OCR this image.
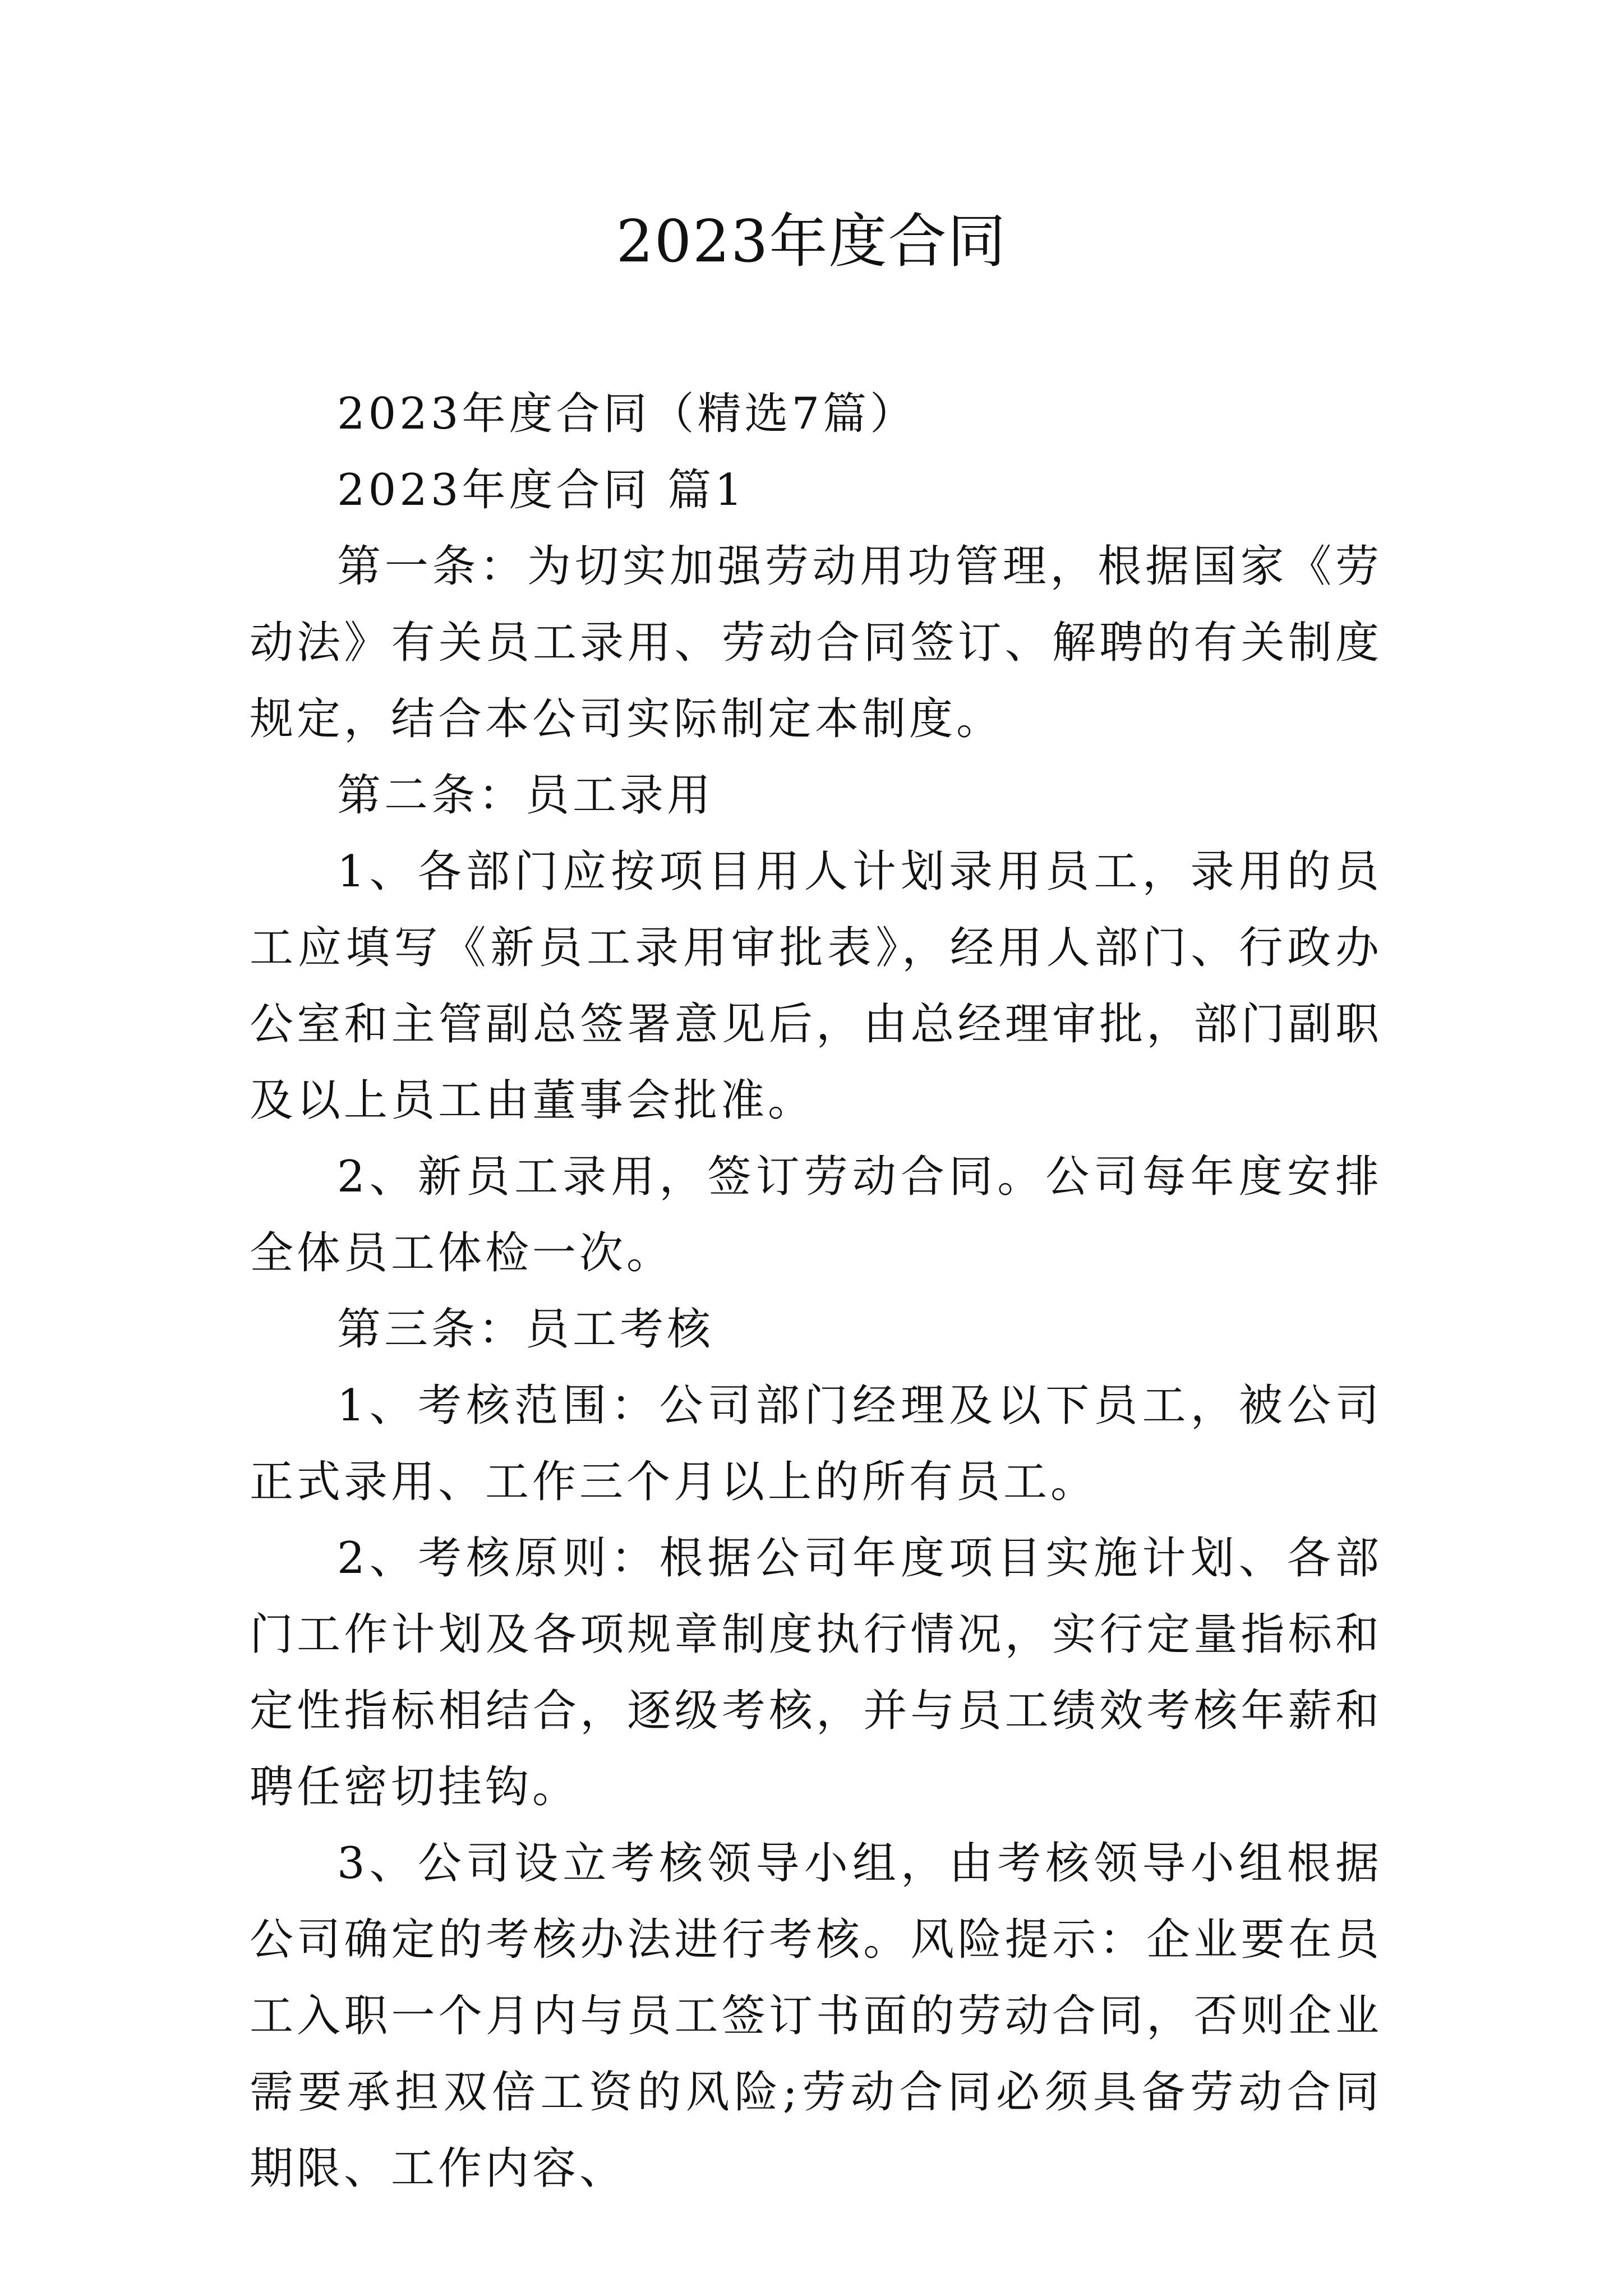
2023年度合同

2023年度合同（精选7篇）

2023年度合同 篇1

第一条：为切实加强劳动用功管理，根据国家《劳动法》有关员工录用、劳动合同签订、解聘的有关制度规定，结合本公司实际制定本制度。

第二条：员工录用

1、各部门应按项目用人计划录用员工，录用的员工应填写《新员工录用审批表》，经用人部门、行政办公室和主管副总签署意见后，由总经理审批，部门副职及以上员工由董事会批准。

2、新员工录用，签订劳动合同。公司每年度安排全体员工体检一次。

第三条：员工考核

1、考核范围：公司部门经理及以下员工，被公司正式录用、工作三个月以上的所有员工。

2、考核原则：根据公司年度项目实施计划、各部门工作计划及各项规章制度执行情况，实行定量指标和定性指标相结合，逐级考核，并与员工绩效考核年薪和聘任密切挂钩。

3、公司设立考核领导小组，由考核领导小组根据公司确定的考核办法进行考核。风险提示：企业要在员工入职一个月内与员工签订书面的劳动合同，否则企业需要承担双倍工资的风险;劳动合同必须具备劳动合同期限、工作内容、
